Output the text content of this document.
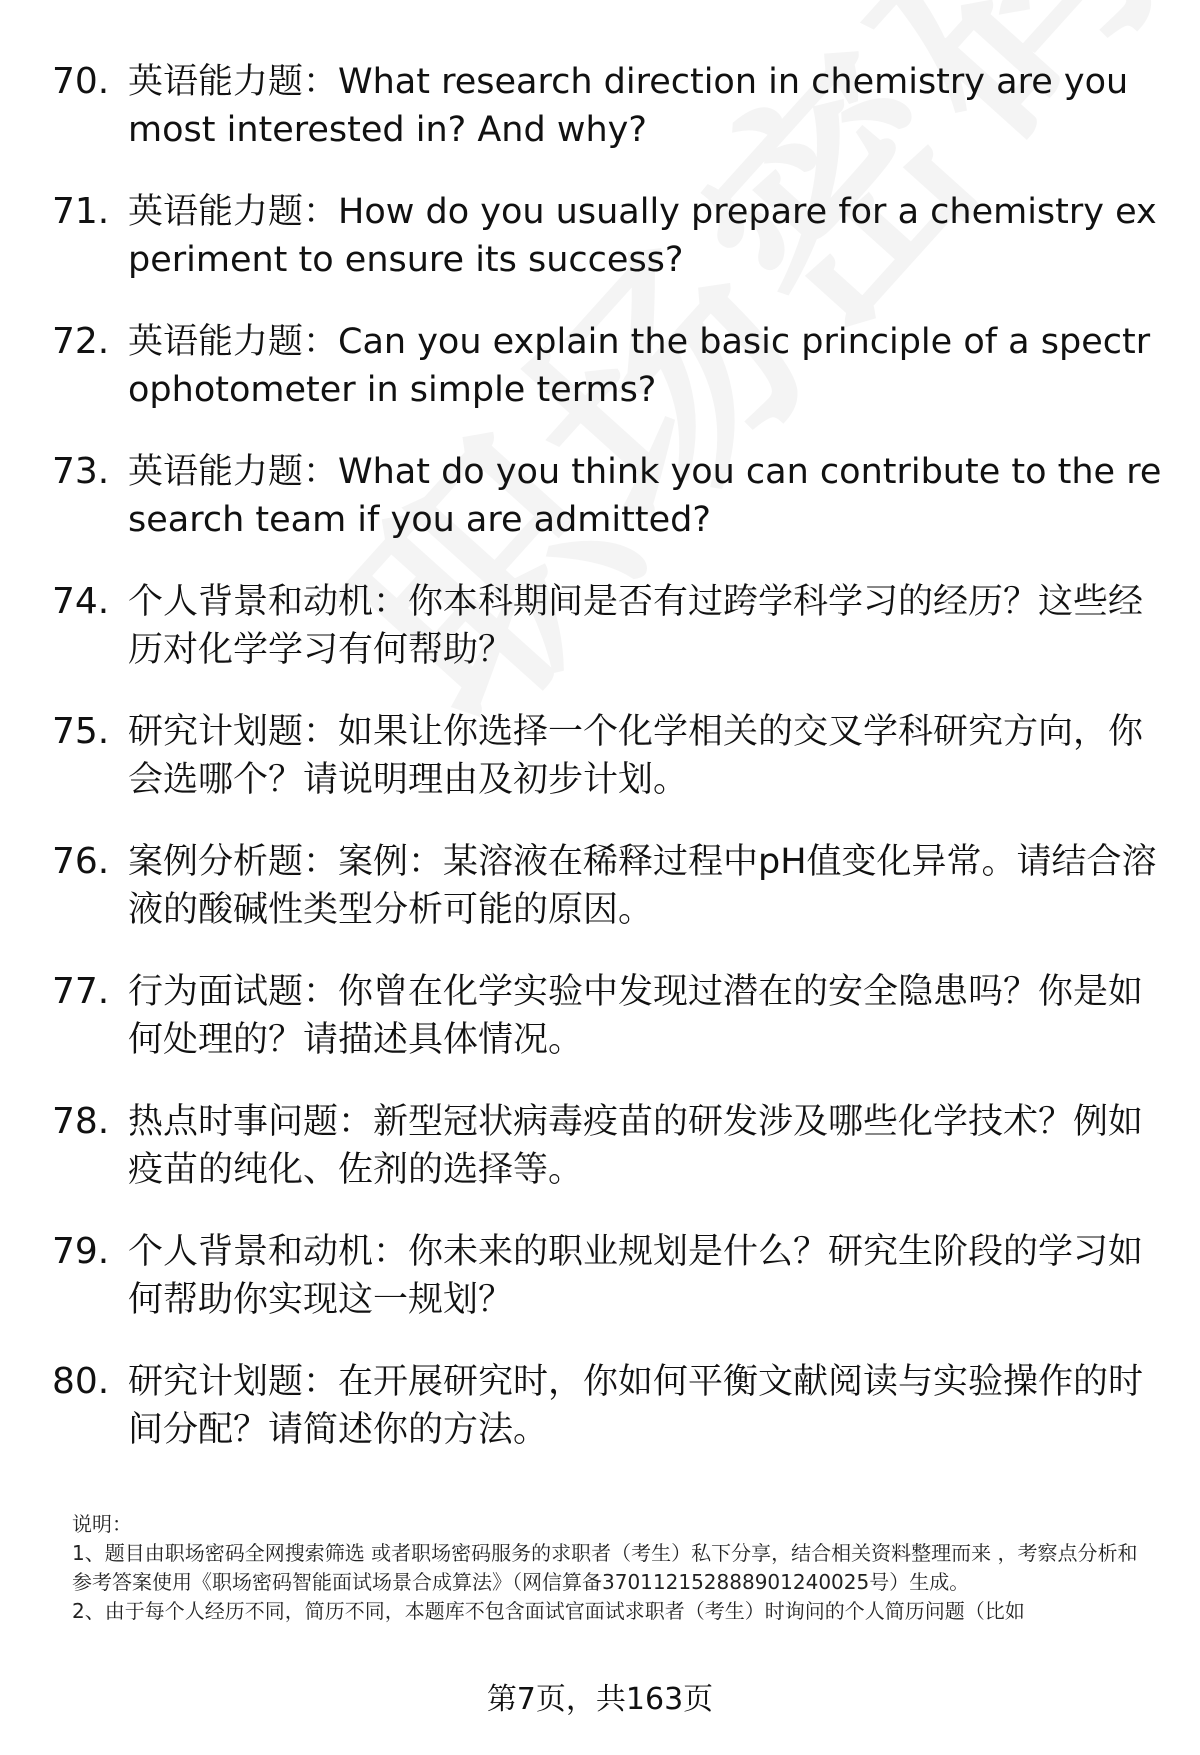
70. 英语能力题：What research direction in chemistry are you most interested in? And why?
71. 英语能力题：How do you usually prepare for a chemistry experiment to ensure its success?
72. 英语能力题：Can you explain the basic principle of a spectrophotometer in simple terms?
73. 英语能力题：What do you think you can contribute to the research team if you are admitted?
74. 个人背景和动机：你本科期间是否有过跨学科学习的经历？这些经历对化学学习有何帮助？
75. 研究计划题：如果让你选择一个化学相关的交叉学科研究方向，你会选哪个？请说明理由及初步计划。
76. 案例分析题：案例：某溶液在稀释过程中pH值变化异常。请结合溶液的酸碱性类型分析可能的原因。
77. 行为面试题：你曾在化学实验中发现过潜在的安全隐患吗？你是如何处理的？请描述具体情况。
78. 热点时事问题：新型冠状病毒疫苗的研发涉及哪些化学技术？例如疫苗的纯化、佐剂的选择等。
79. 个人背景和动机：你未来的职业规划是什么？研究生阶段的学习如何帮助你实现这一规划？
80. 研究计划题：在开展研究时，你如何平衡文献阅读与实验操作的时间分配？请简述你的方法。

说明：

1、题目由职场密码全网搜索筛选 或者职场密码服务的求职者（考生）私下分享，结合相关资料整理而来 ，考察点分析和参考答案使用《职场密码智能面试场景合成算法》（网信算备370112152888901240025号）生成。

2、由于每个人经历不同，简历不同，本题库不包含面试官面试求职者（考生）时询问的个人简历问题（比如

第7页，共163页
